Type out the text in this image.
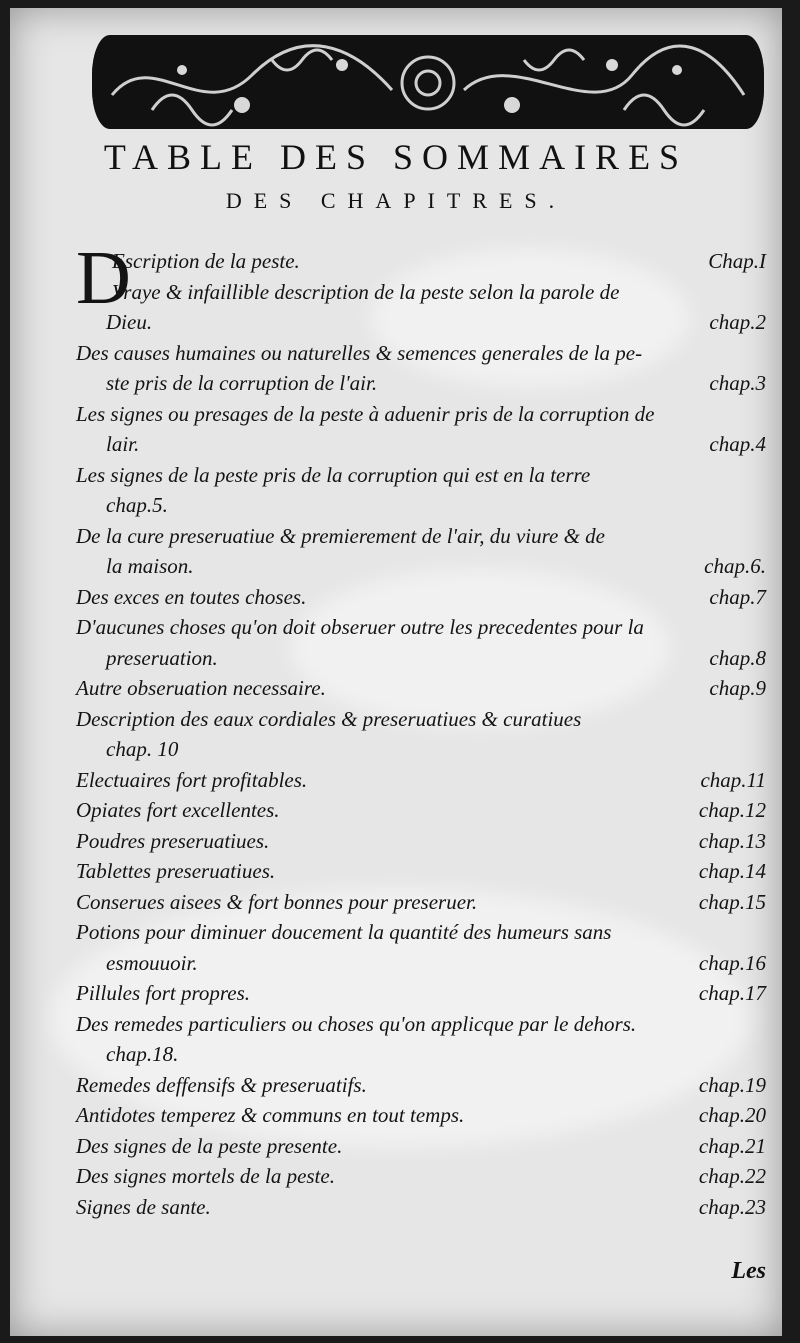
TABLE DES SOMMAIRES
DES CHAPITRES.
D
Escription de la peste.	Chap.I
Vraye & infaillible description de la peste selon la parole de
Dieu.	chap.2
Des causes humaines ou naturelles & semences generales de la pe-
ste pris de la corruption de l'air.	chap.3
Les signes ou presages de la peste à aduenir pris de la corruption de
lair.	chap.4
Les signes de la peste pris de la corruption qui est en la terre
chap.5.
De la cure preseruatiue & premierement de l'air, du viure & de
la maison.	chap.6.
Des exces en toutes choses.	chap.7
D'aucunes choses qu'on doit obseruer outre les precedentes pour la
preseruation.	chap.8
Autre obseruation necessaire.	chap.9
Description des eaux cordiales & preseruatiues & curatiues
chap. 10
Electuaires fort profitables.	chap.11
Opiates fort excellentes.	chap.12
Poudres preseruatiues.	chap.13
Tablettes preseruatiues.	chap.14
Conserues aisees & fort bonnes pour preseruer.	chap.15
Potions pour diminuer doucement la quantité des humeurs sans
esmouuoir.	chap.16
Pillules fort propres.	chap.17
Des remedes particuliers ou choses qu'on applicque par le dehors.
chap.18.
Remedes deffensifs & preseruatifs.	chap.19
Antidotes temperez & communs en tout temps.	chap.20
Des signes de la peste presente.	chap.21
Des signes mortels de la peste.	chap.22
Signes de sante.	chap.23
Les
